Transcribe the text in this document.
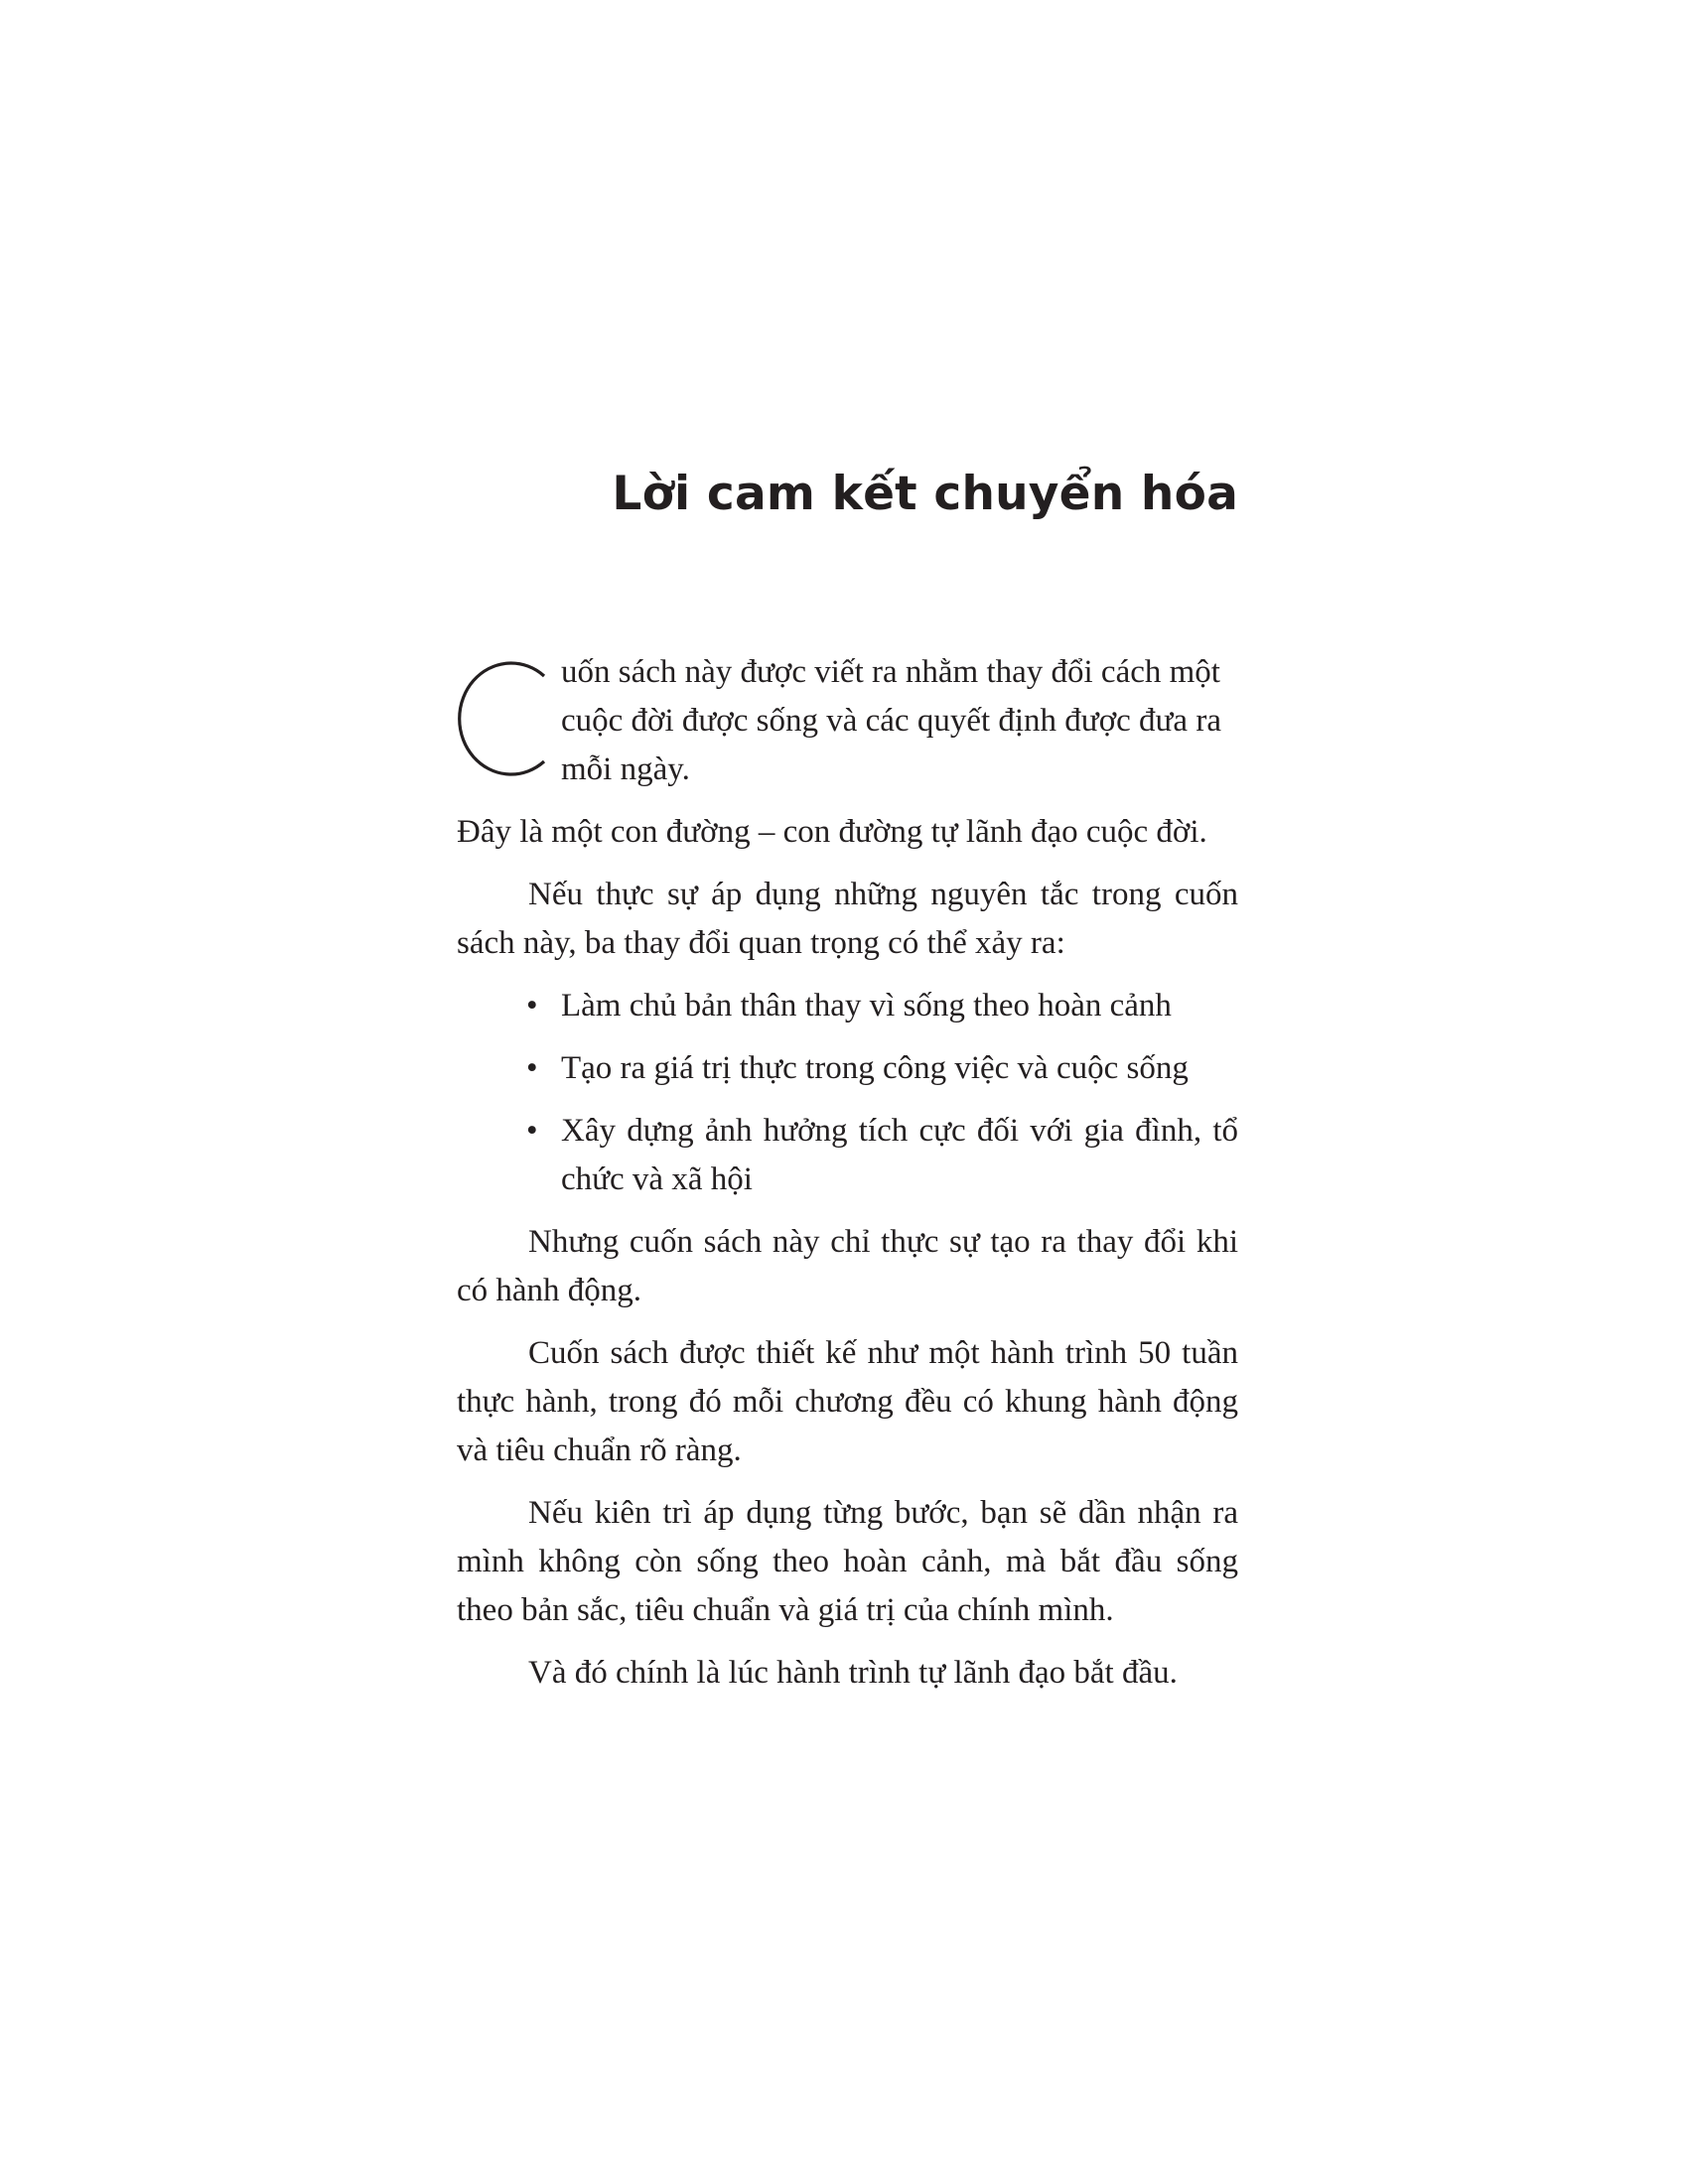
Lời cam kết chuyển hóa

uốn sách này được viết ra nhằm thay đổi cách một cuộc đời được sống và các quyết định được đưa ra mỗi ngày.

Đây là một con đường – con đường tự lãnh đạo cuộc đời.

Nếu thực sự áp dụng những nguyên tắc trong cuốn sách này, ba thay đổi quan trọng có thể xảy ra:

• Làm chủ bản thân thay vì sống theo hoàn cảnh
• Tạo ra giá trị thực trong công việc và cuộc sống
• Xây dựng ảnh hưởng tích cực đối với gia đình, tổ chức và xã hội

Nhưng cuốn sách này chỉ thực sự tạo ra thay đổi khi có hành động.

Cuốn sách được thiết kế như một hành trình 50 tuần thực hành, trong đó mỗi chương đều có khung hành động và tiêu chuẩn rõ ràng.

Nếu kiên trì áp dụng từng bước, bạn sẽ dần nhận ra mình không còn sống theo hoàn cảnh, mà bắt đầu sống theo bản sắc, tiêu chuẩn và giá trị của chính mình.

Và đó chính là lúc hành trình tự lãnh đạo bắt đầu.
